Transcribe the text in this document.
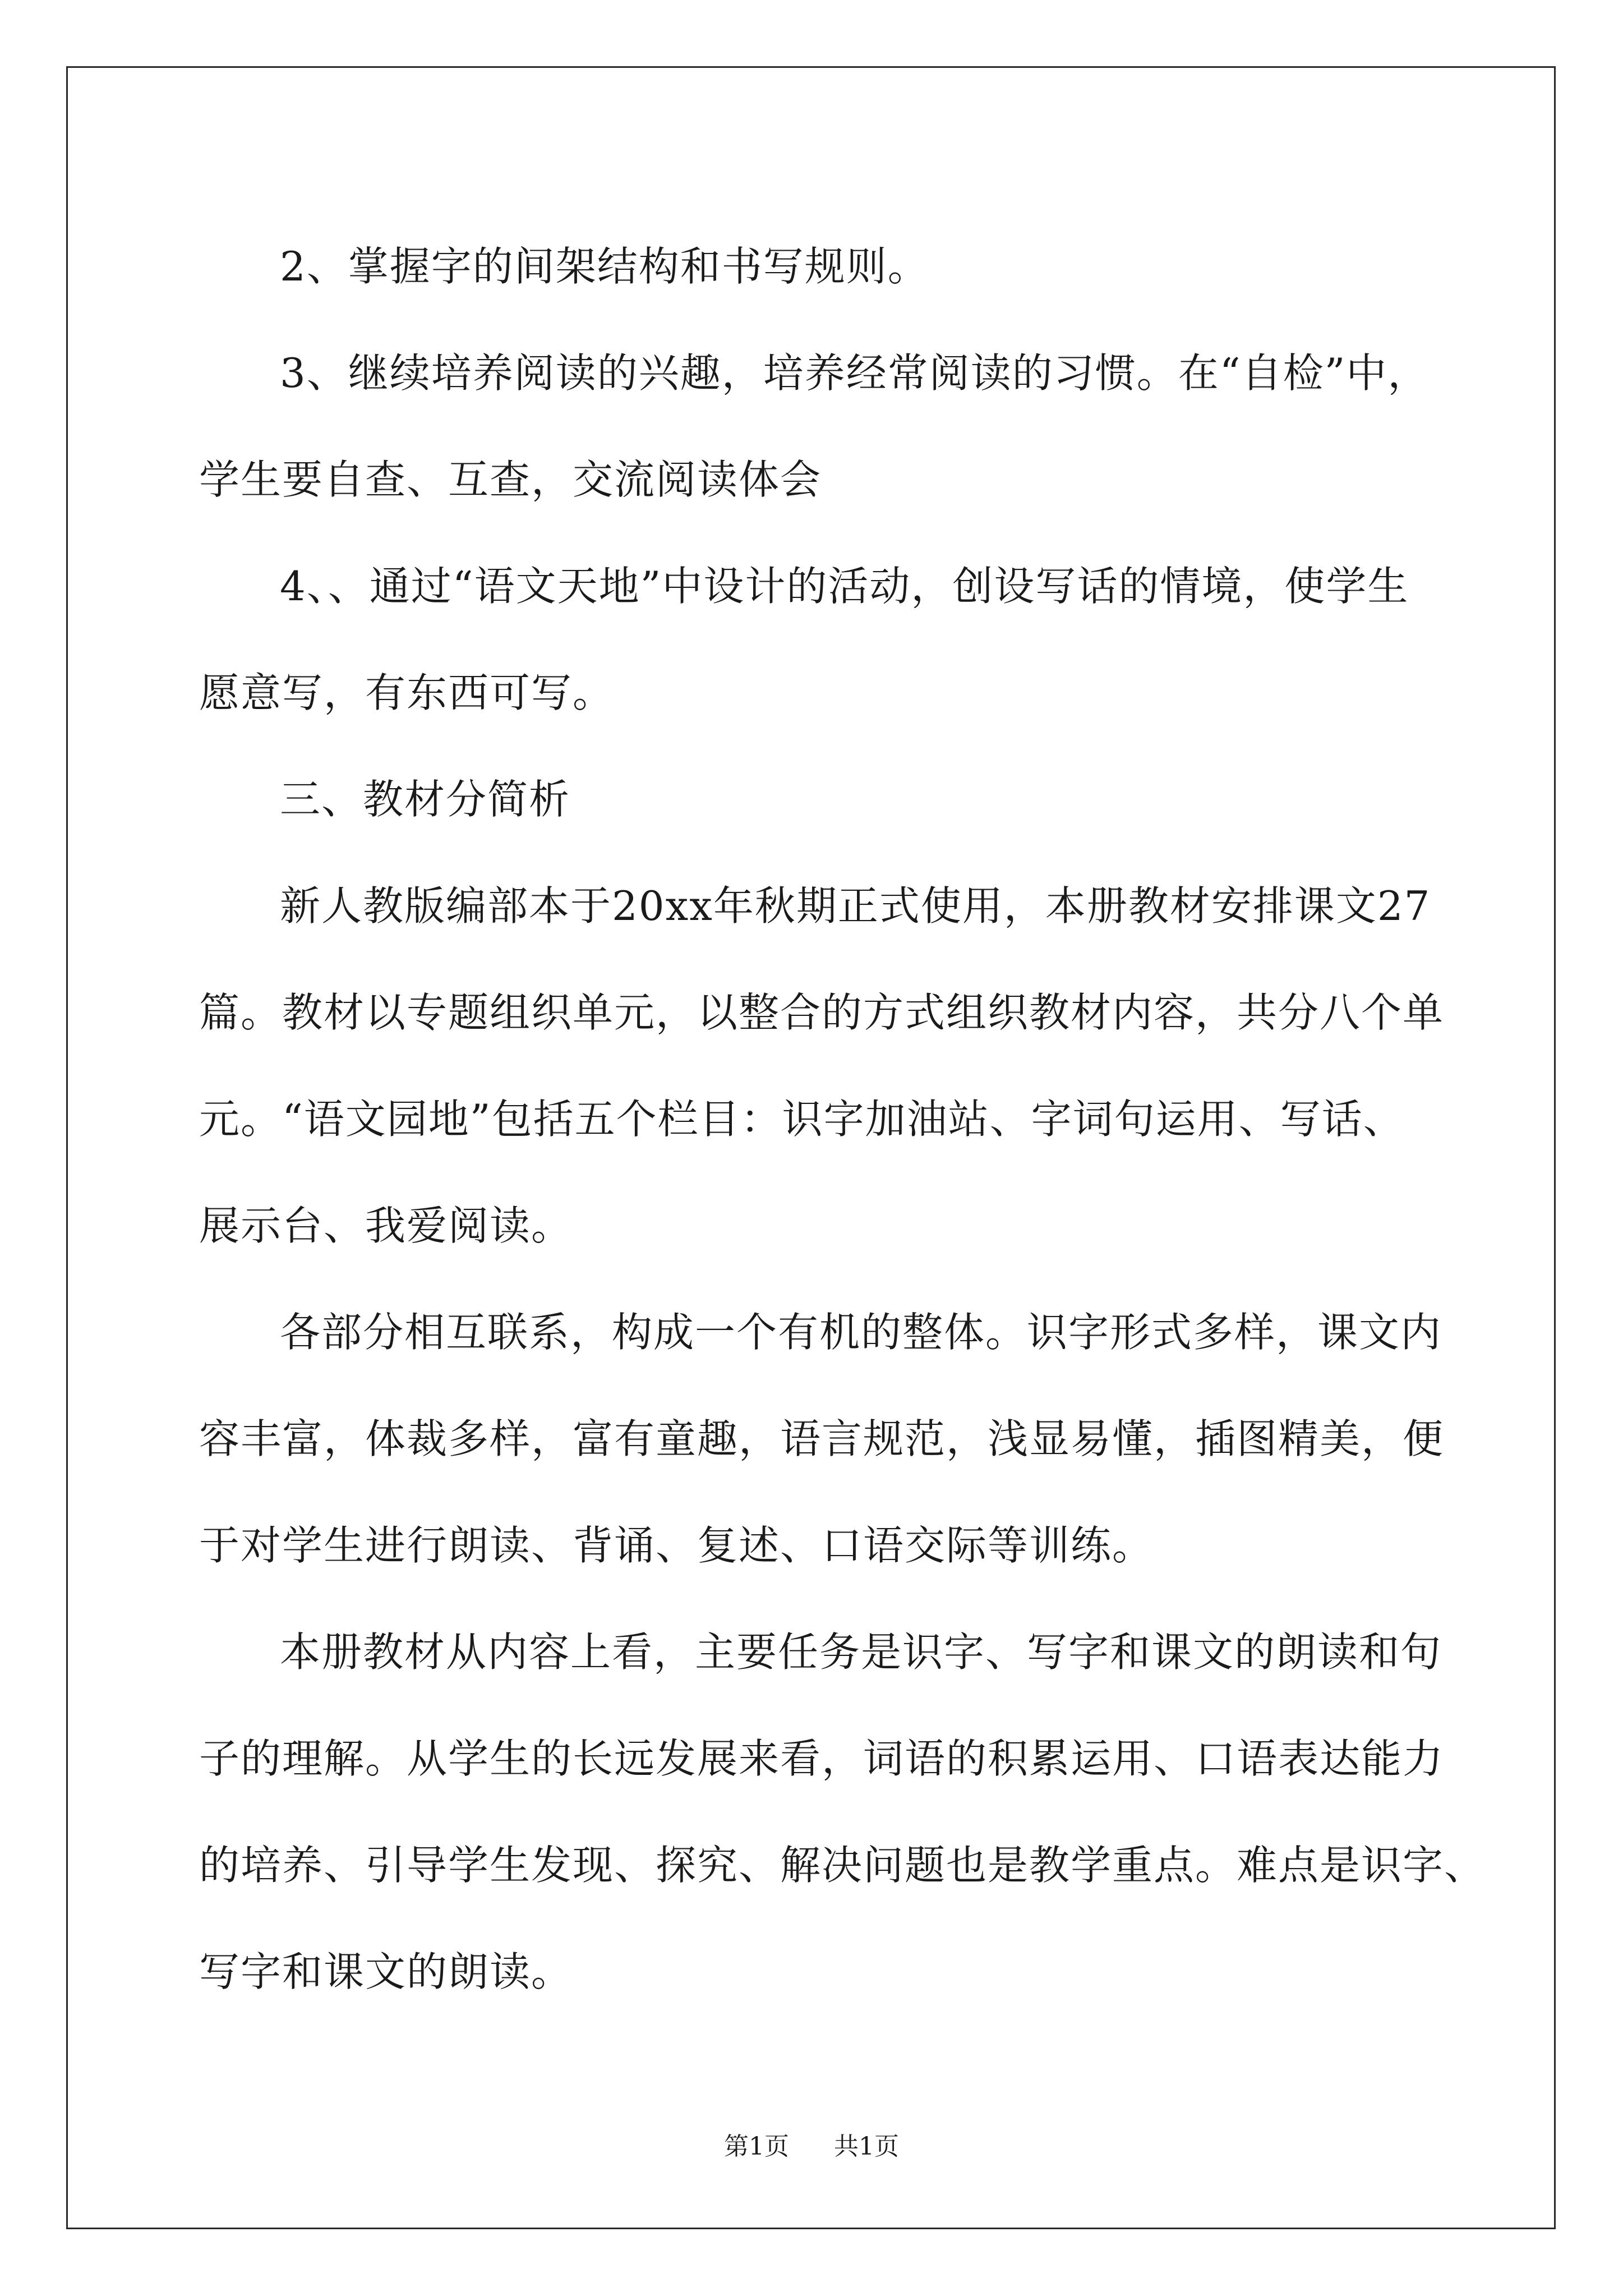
2、掌握字的间架结构和书写规则。
3、继续培养阅读的兴趣，培养经常阅读的习惯。在“自检”中，
学生要自查、互查，交流阅读体会
4、、通过“语文天地”中设计的活动，创设写话的情境，使学生
愿意写，有东西可写。
三、教材分简析
新人教版编部本于20xx年秋期正式使用，本册教材安排课文27
篇。教材以专题组织单元，以整合的方式组织教材内容，共分八个单
元。“语文园地”包括五个栏目：识字加油站、字词句运用、写话、
展示台、我爱阅读。
各部分相互联系，构成一个有机的整体。识字形式多样，课文内
容丰富，体裁多样，富有童趣，语言规范，浅显易懂，插图精美，便
于对学生进行朗读、背诵、复述、口语交际等训练。
本册教材从内容上看，主要任务是识字、写字和课文的朗读和句
子的理解。从学生的长远发展来看，词语的积累运用、口语表达能力
的培养、引导学生发现、探究、解决问题也是教学重点。难点是识字、
写字和课文的朗读。
第1页 共1页
